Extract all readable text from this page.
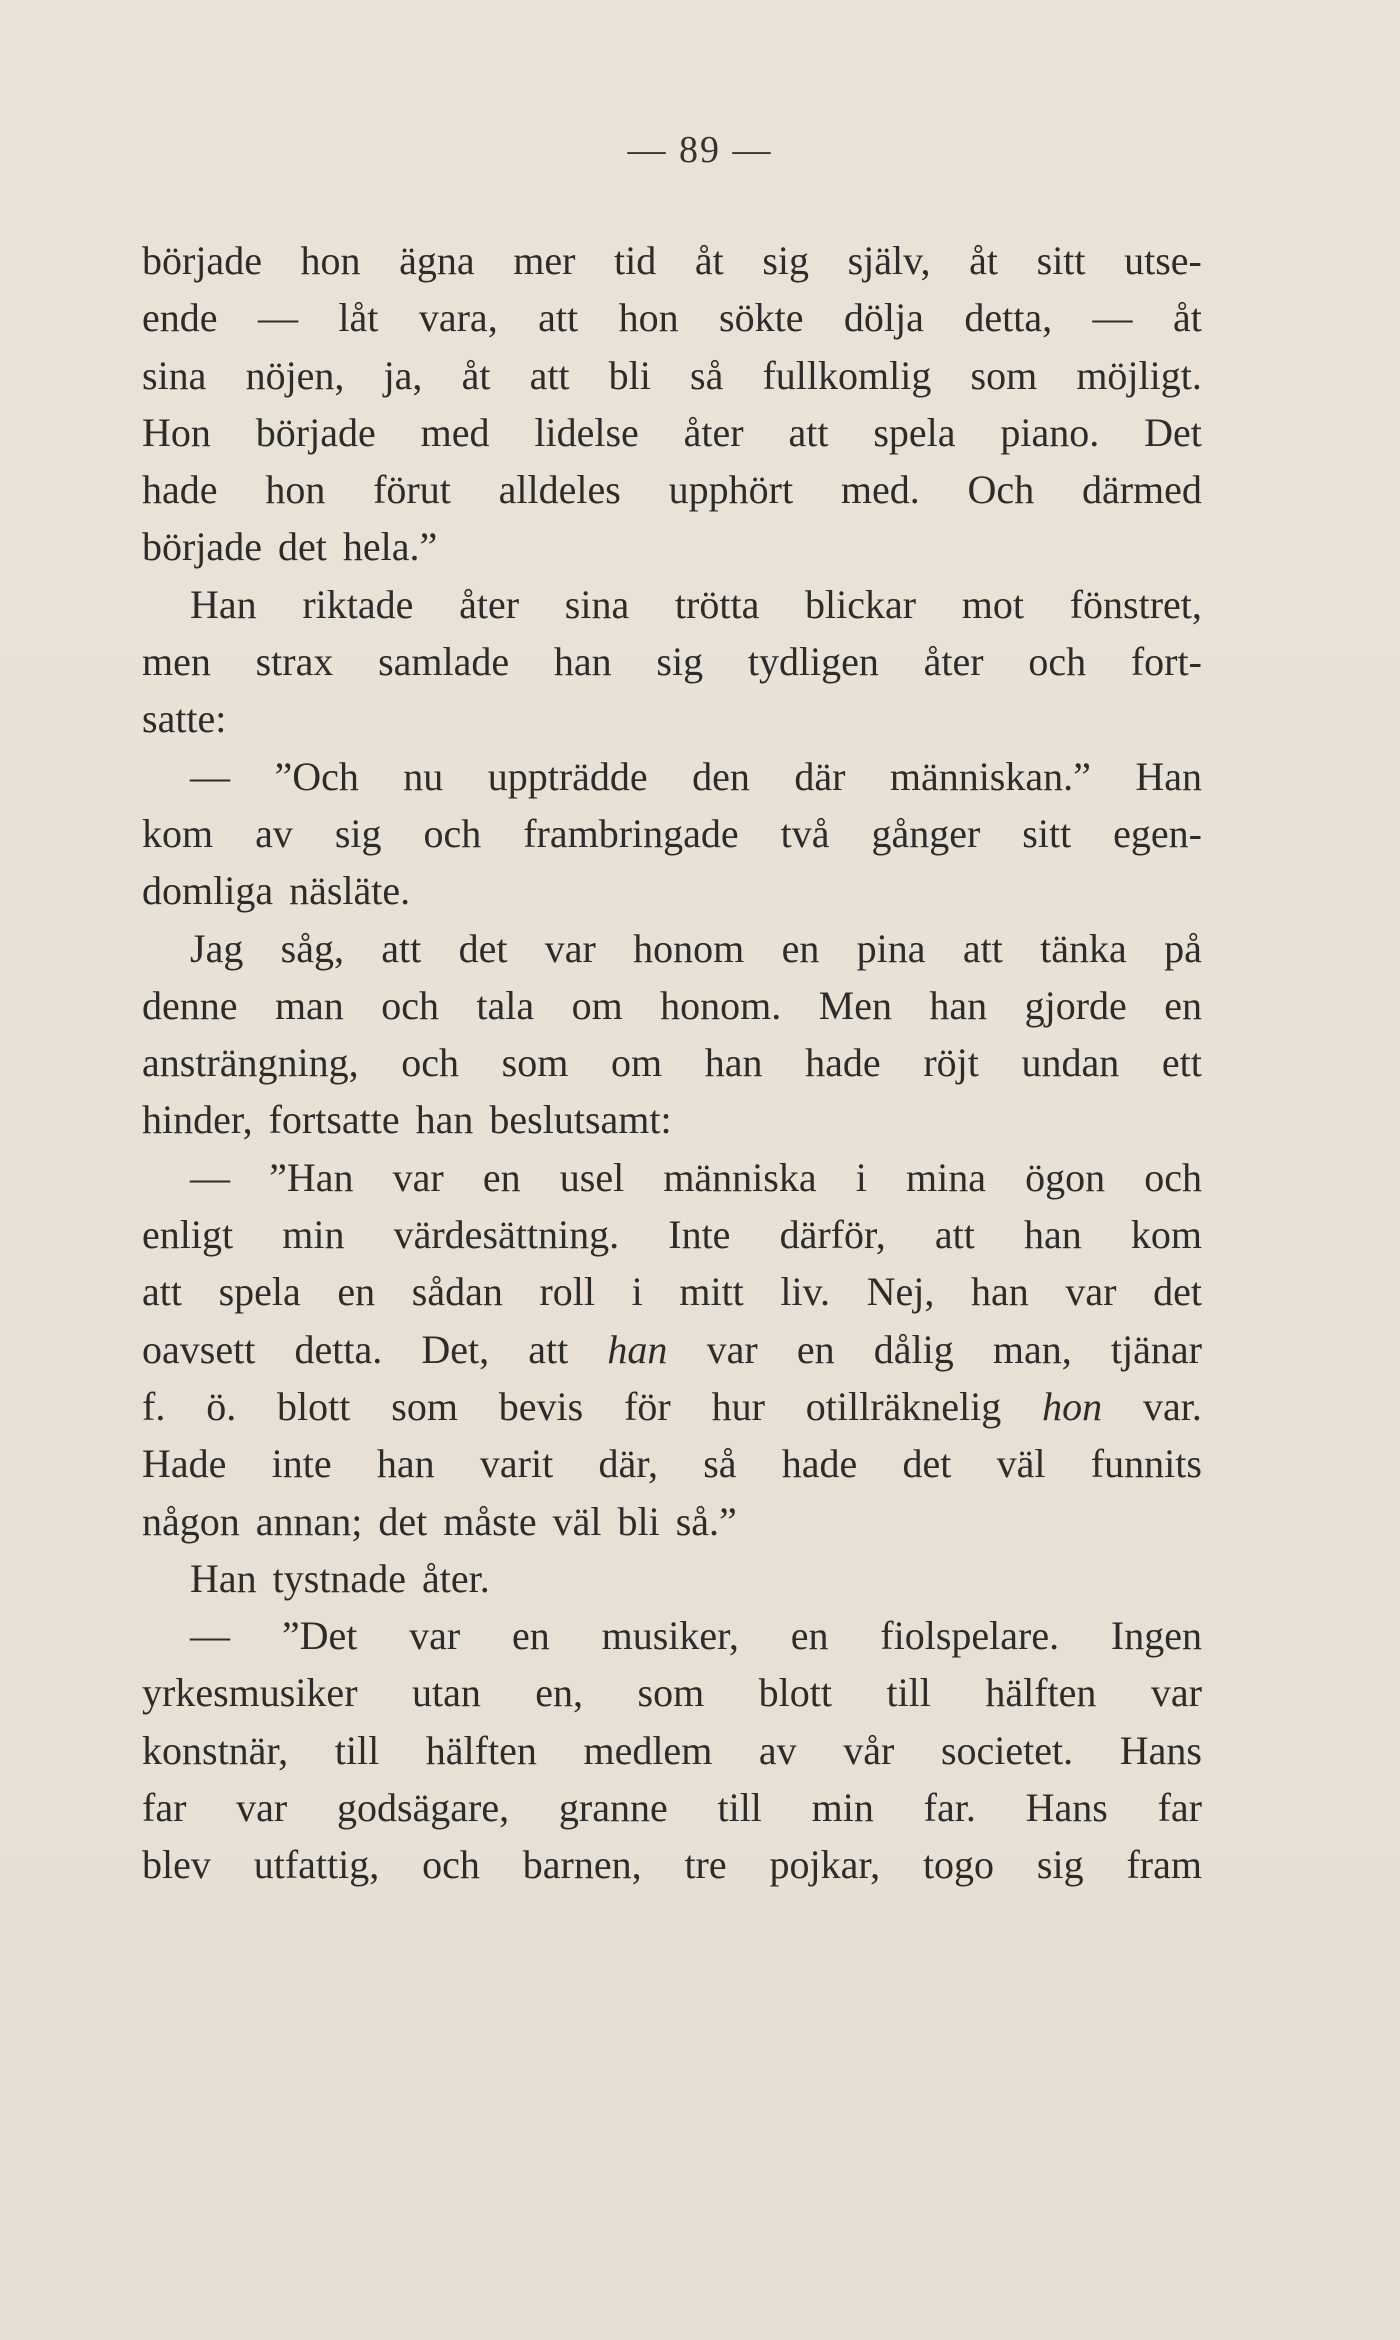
— 89 —
började hon ägna mer tid åt sig själv, åt sitt utse-
ende — låt vara, att hon sökte dölja detta, — åt
sina nöjen, ja, åt att bli så fullkomlig som möjligt.
Hon började med lidelse åter att spela piano. Det
hade hon förut alldeles upphört med. Och därmed
började det hela.”
Han riktade åter sina trötta blickar mot fönstret,
men strax samlade han sig tydligen åter och fort-
satte:
— ”Och nu uppträdde den där människan.” Han
kom av sig och frambringade två gånger sitt egen-
domliga näsläte.
Jag såg, att det var honom en pina att tänka på
denne man och tala om honom. Men han gjorde en
ansträngning, och som om han hade röjt undan ett
hinder, fortsatte han beslutsamt:
— ”Han var en usel människa i mina ögon och
enligt min värdesättning. Inte därför, att han kom
att spela en sådan roll i mitt liv. Nej, han var det
oavsett detta. Det, att han var en dålig man, tjänar
f. ö. blott som bevis för hur otillräknelig hon var.
Hade inte han varit där, så hade det väl funnits
någon annan; det måste väl bli så.”
Han tystnade åter.
— ”Det var en musiker, en fiolspelare. Ingen
yrkesmusiker utan en, som blott till hälften var
konstnär, till hälften medlem av vår societet. Hans
far var godsägare, granne till min far. Hans far
blev utfattig, och barnen, tre pojkar, togo sig fram
